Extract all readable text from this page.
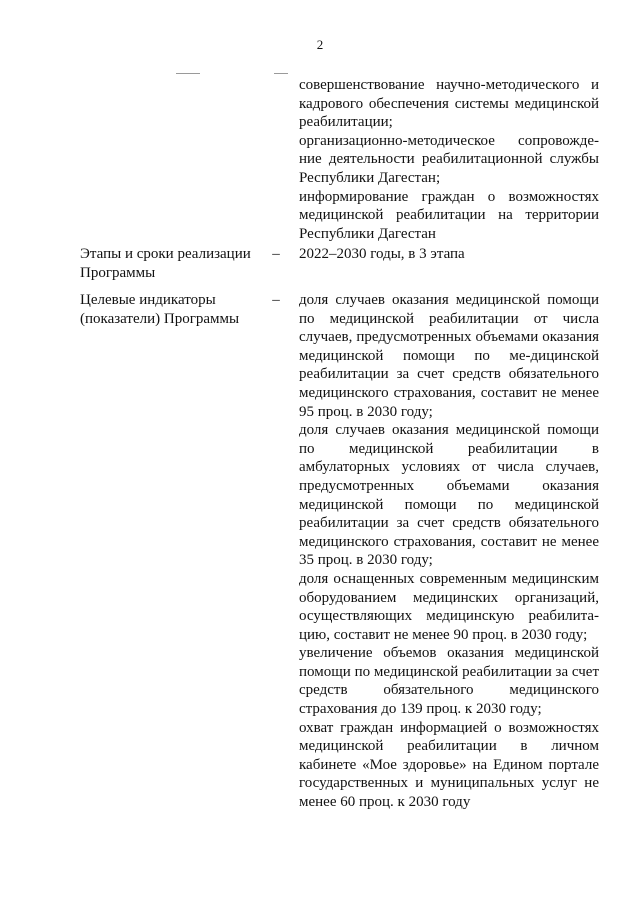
2

совершенствование научно-методического и кадрового обеспечения системы медицинской реабилитации;

организационно-методическое сопровожде-ние деятельности реабилитационной службы Республики Дагестан;

информирование граждан о возможностях медицинской реабилитации на территории Республики Дагестан

Этапы и сроки реализации Программы
– 2022–2030 годы, в 3 этапа

Целевые индикаторы (показатели) Программы
– доля случаев оказания медицинской помощи по медицинской реабилитации от числа случаев, предусмотренных объемами оказания медицинской помощи по ме-дицинской реабилитации за счет средств обязательного медицинского страхования, составит не менее 95 проц. в 2030 году;

доля случаев оказания медицинской помощи по медицинской реабилитации в амбулаторных условиях от числа случаев, предусмотренных объемами оказания медицинской помощи по медицинской реабилитации за счет средств обязательного медицинского страхования, составит не менее 35 проц. в 2030 году;

доля оснащенных современным медицинским оборудованием медицинских организаций, осуществляющих медицинскую реабилита-цию, составит не менее 90 проц. в 2030 году;

увеличение объемов оказания медицинской помощи по медицинской реабилитации за счет средств обязательного медицинского страхования до 139 проц. к 2030 году;

охват граждан информацией о возможностях медицинской реабилитации в личном кабинете «Мое здоровье» на Едином портале государственных и муниципальных услуг не менее 60 проц. к 2030 году
